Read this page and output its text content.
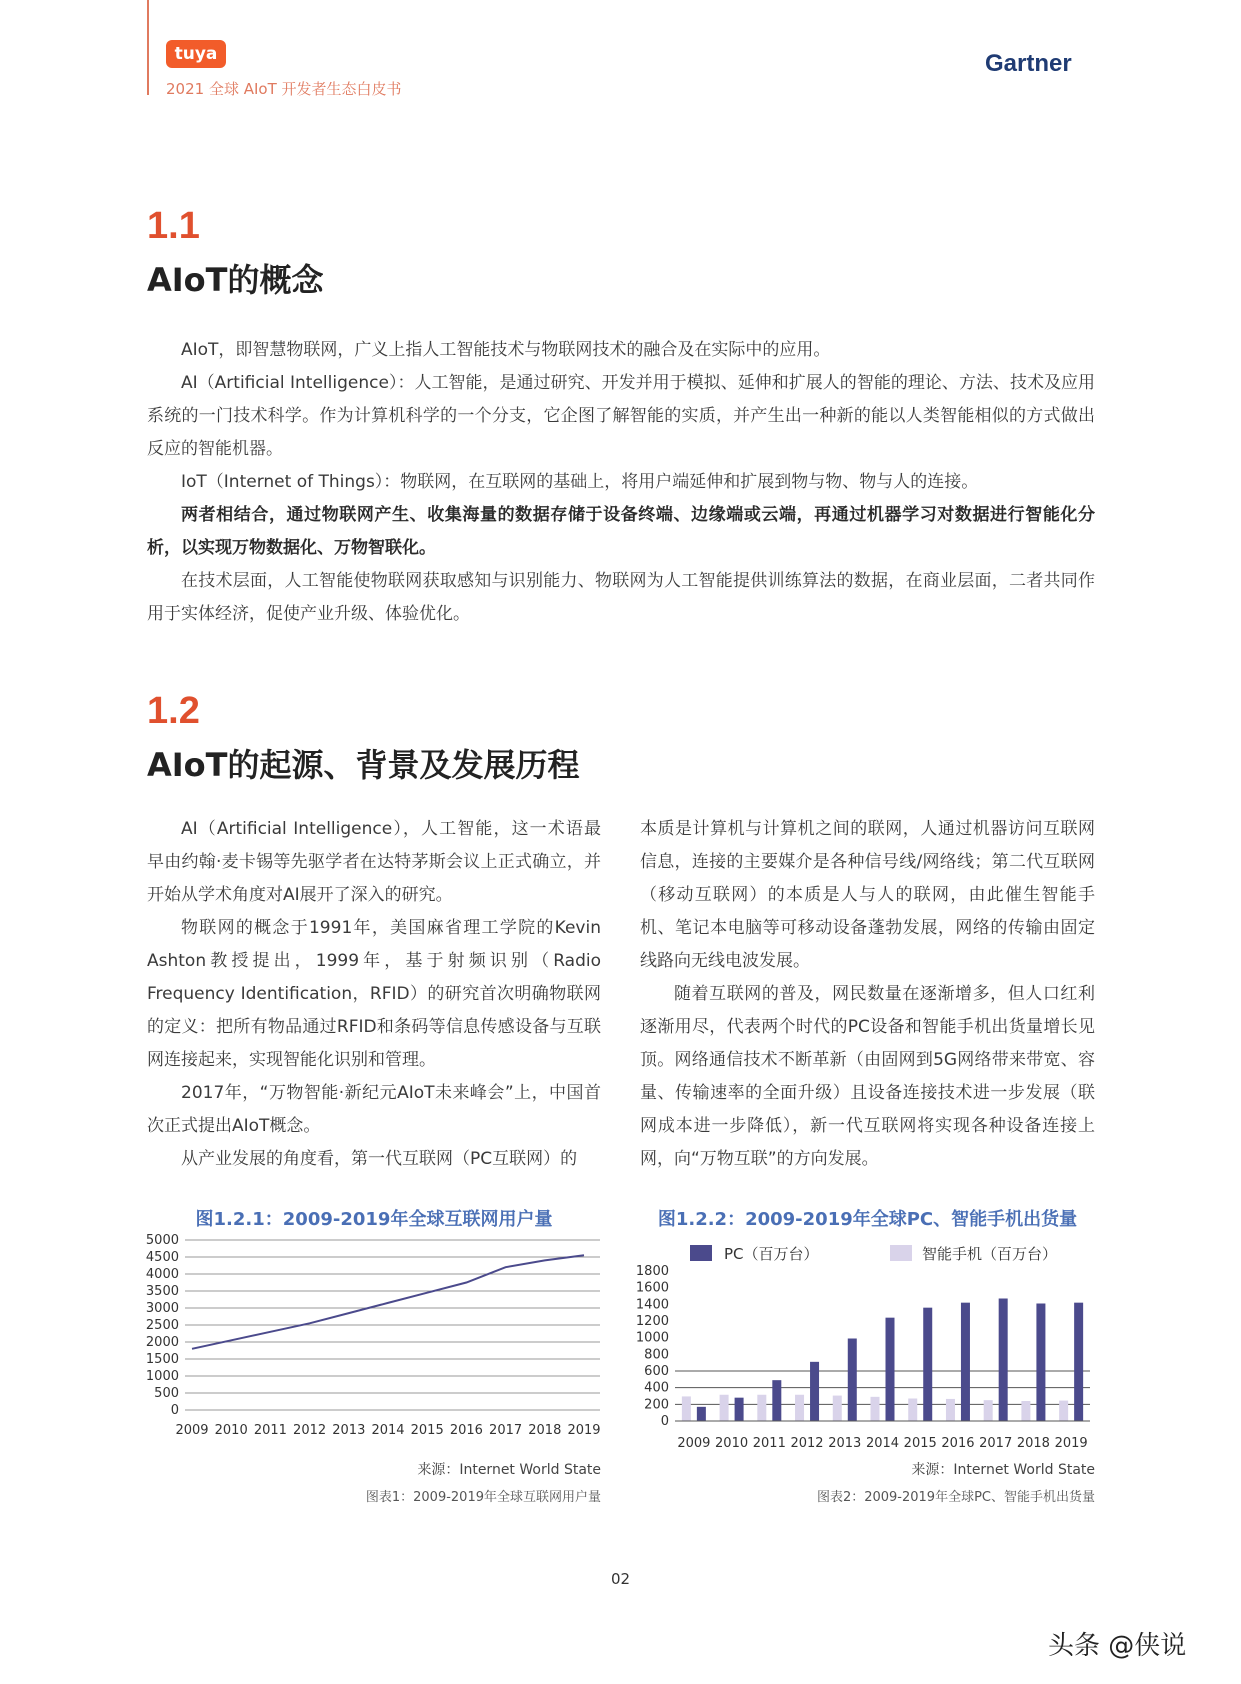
tuya
2021 全球 AIoT 开发者生态白皮书
Gartner
1.1
AIoT的概念
AIoT，即智慧物联网，广义上指人工智能技术与物联网技术的融合及在实际中的应用。
AI（Artificial Intelligence）：人工智能，是通过研究、开发并用于模拟、延伸和扩展人的智能的理论、方法、技术及应用系统的一门技术科学。作为计算机科学的一个分支，它企图了解智能的实质，并产生出一种新的能以人类智能相似的方式做出反应的智能机器。
IoT（Internet of Things）：物联网，在互联网的基础上，将用户端延伸和扩展到物与物、物与人的连接。
两者相结合，通过物联网产生、收集海量的数据存储于设备终端、边缘端或云端，再通过机器学习对数据进行智能化分析，以实现万物数据化、万物智联化。
在技术层面，人工智能使物联网获取感知与识别能力、物联网为人工智能提供训练算法的数据，在商业层面，二者共同作用于实体经济，促使产业升级、体验优化。
1.2
AIoT的起源、背景及发展历程
AI（Artificial Intelligence），人工智能，这一术语最早由约翰·麦卡锡等先驱学者在达特茅斯会议上正式确立，并开始从学术角度对AI展开了深入的研究。
物联网的概念于1991年，美国麻省理工学院的Kevin Ashton教授提出，1999年，基于射频识别（Radio Frequency Identification，RFID）的研究首次明确物联网的定义：把所有物品通过RFID和条码等信息传感设备与互联网连接起来，实现智能化识别和管理。
2017年，“万物智能·新纪元AIoT未来峰会”上，中国首次正式提出AIoT概念。
从产业发展的角度看，第一代互联网（PC互联网）的
本质是计算机与计算机之间的联网，人通过机器访问互联网信息，连接的主要媒介是各种信号线/网络线；第二代互联网（移动互联网）的本质是人与人的联网，由此催生智能手机、笔记本电脑等可移动设备蓬勃发展，网络的传输由固定线路向无线电波发展。
随着互联网的普及，网民数量在逐渐增多，但人口红利逐渐用尽，代表两个时代的PC设备和智能手机出货量增长见顶。网络通信技术不断革新（由固网到5G网络带来带宽、容量、传输速率的全面升级）且设备连接技术进一步发展（联网成本进一步降低），新一代互联网将实现各种设备连接上网，向“万物互联”的方向发展。
图1.2.1：2009-2019年全球互联网用户量
5000
4500
4000
3500
3000
2500
2000
1500
1000
500
0
2009 2010 2011 2012 2013 2014 2015 2016 2017 2018 2019
来源：Internet World State
图表1：2009-2019年全球互联网用户量
图1.2.2：2009-2019年全球PC、智能手机出货量
PC（百万台）	智能手机（百万台）
1800
1600
1400
1200
1000
800
600
400
200
0
2009 2010 2011 2012 2013 2014 2015 2016 2017 2018 2019
来源：Internet World State
图表2：2009-2019年全球PC、智能手机出货量
02
头条 @侠说
